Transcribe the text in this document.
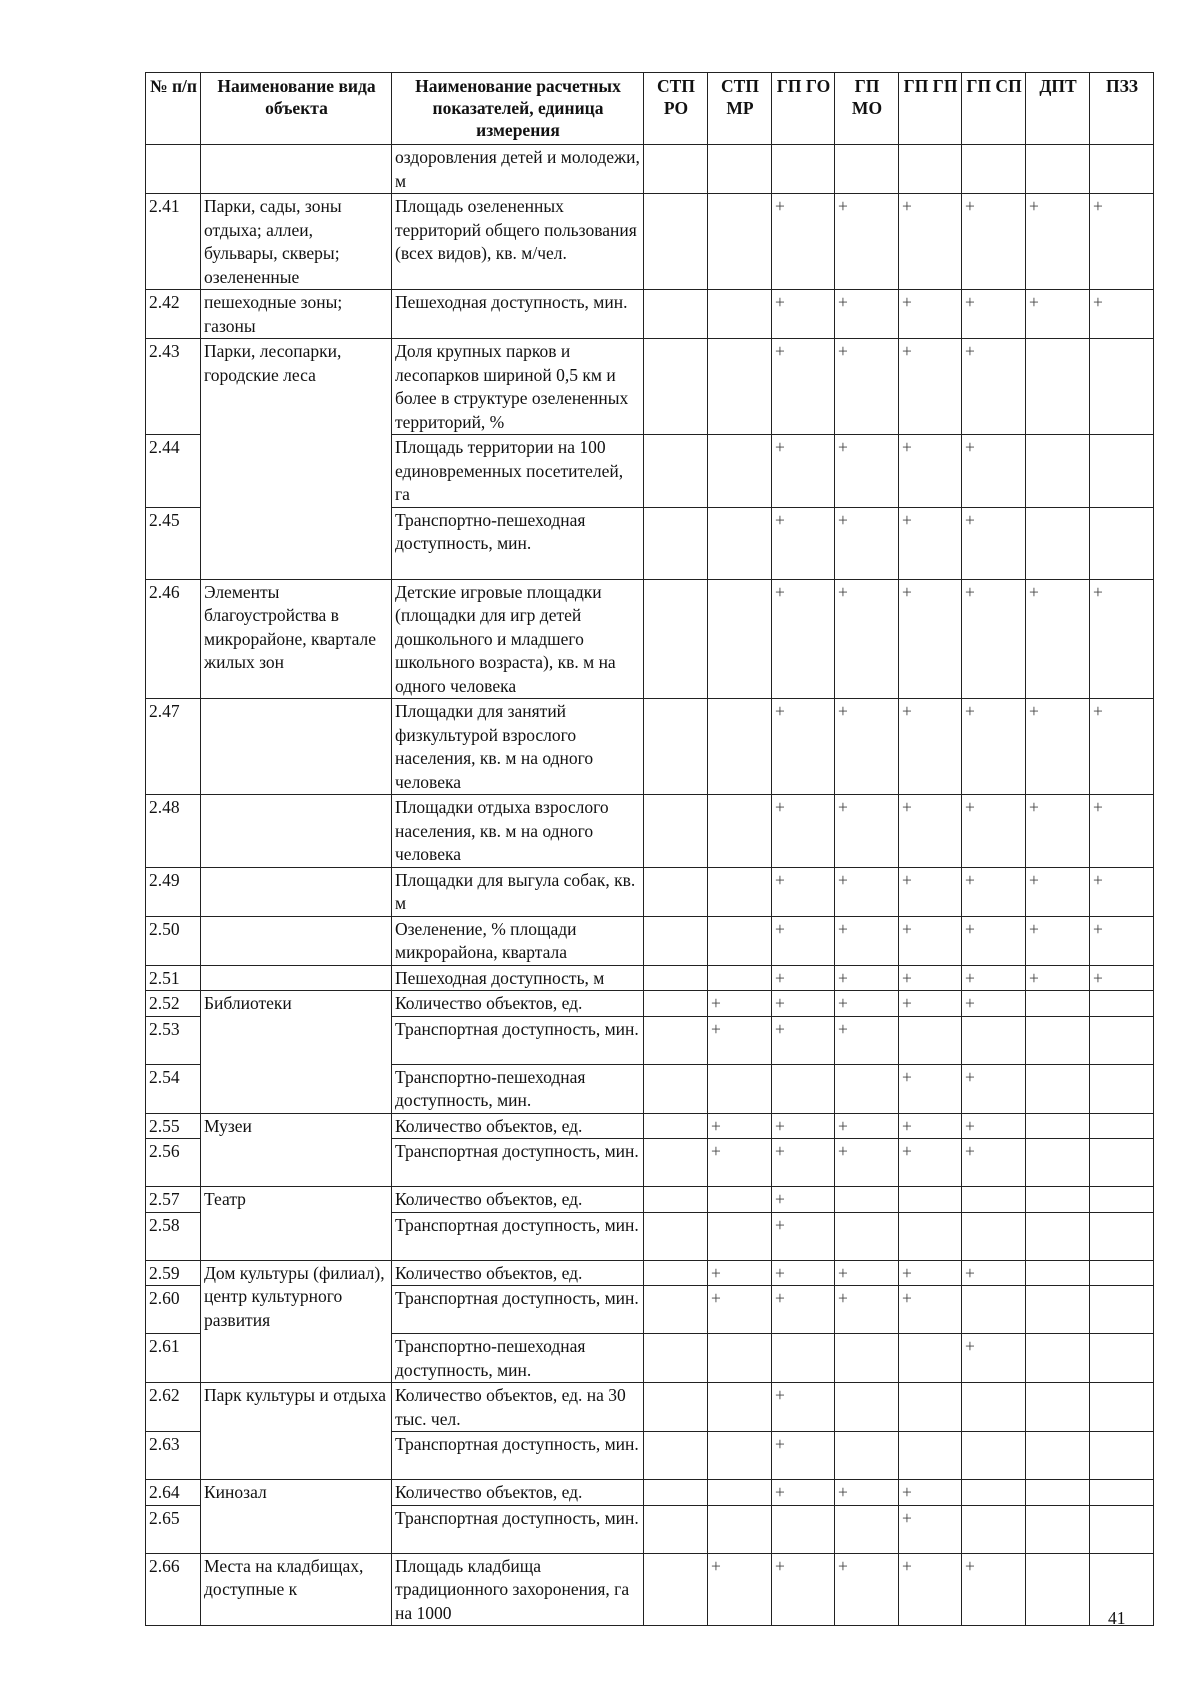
№ п/п	Наименование вида объекта	Наименование расчетных показателей, единица измерения	СТП РО	СТП МР	ГП ГО	ГП МО	ГП ГП	ГП СП	ДПТ	ПЗЗ
		оздоровления детей и молодежи, м								
2.41	Парки, сады, зоны отдыха; аллеи, бульвары, скверы; озелененные	Площадь озелененных территорий общего пользования (всех видов), кв. м/чел.			+	+	+	+	+	+
2.42	пешеходные зоны; газоны	Пешеходная доступность, мин.			+	+	+	+	+	+
2.43	Парки, лесопарки, городские леса	Доля крупных парков и лесопарков шириной 0,5 км и более в структуре озелененных территорий, %			+	+	+	+		
2.44		Площадь территории на 100 единовременных посетителей, га			+	+	+	+		
2.45		Транспортно-пешеходная доступность, мин.			+	+	+	+		
2.46	Элементы благоустройства в микрорайоне, квартале жилых зон	Детские игровые площадки (площадки для игр детей дошкольного и младшего школьного возраста), кв. м на одного человека			+	+	+	+	+	+
2.47		Площадки для занятий физкультурой взрослого населения, кв. м на одного человека			+	+	+	+	+	+
2.48		Площадки отдыха взрослого населения, кв. м на одного человека			+	+	+	+	+	+
2.49		Площадки для выгула собак, кв. м			+	+	+	+	+	+
2.50		Озеленение, % площади микрорайона, квартала			+	+	+	+	+	+
2.51		Пешеходная доступность, м			+	+	+	+	+	+
2.52	Библиотеки	Количество объектов, ед.		+	+	+	+	+		
2.53		Транспортная доступность, мин.		+	+	+				
2.54		Транспортно-пешеходная доступность, мин.					+	+		
2.55	Музеи	Количество объектов, ед.		+	+	+	+	+		
2.56		Транспортная доступность, мин.		+	+	+	+	+		
2.57	Театр	Количество объектов, ед.			+					
2.58		Транспортная доступность, мин.			+					
2.59	Дом культуры (филиал), центр культурного развития	Количество объектов, ед.		+	+	+	+	+		
2.60		Транспортная доступность, мин.		+	+	+	+			
2.61		Транспортно-пешеходная доступность, мин.						+		
2.62	Парк культуры и отдыха	Количество объектов, ед. на 30 тыс. чел.			+					
2.63		Транспортная доступность, мин.			+					
2.64	Кинозал	Количество объектов, ед.			+	+	+			
2.65		Транспортная доступность, мин.					+			
2.66	Места на кладбищах, доступные к	Площадь кладбища традиционного захоронения, га на 1000		+	+	+	+	+		
41
